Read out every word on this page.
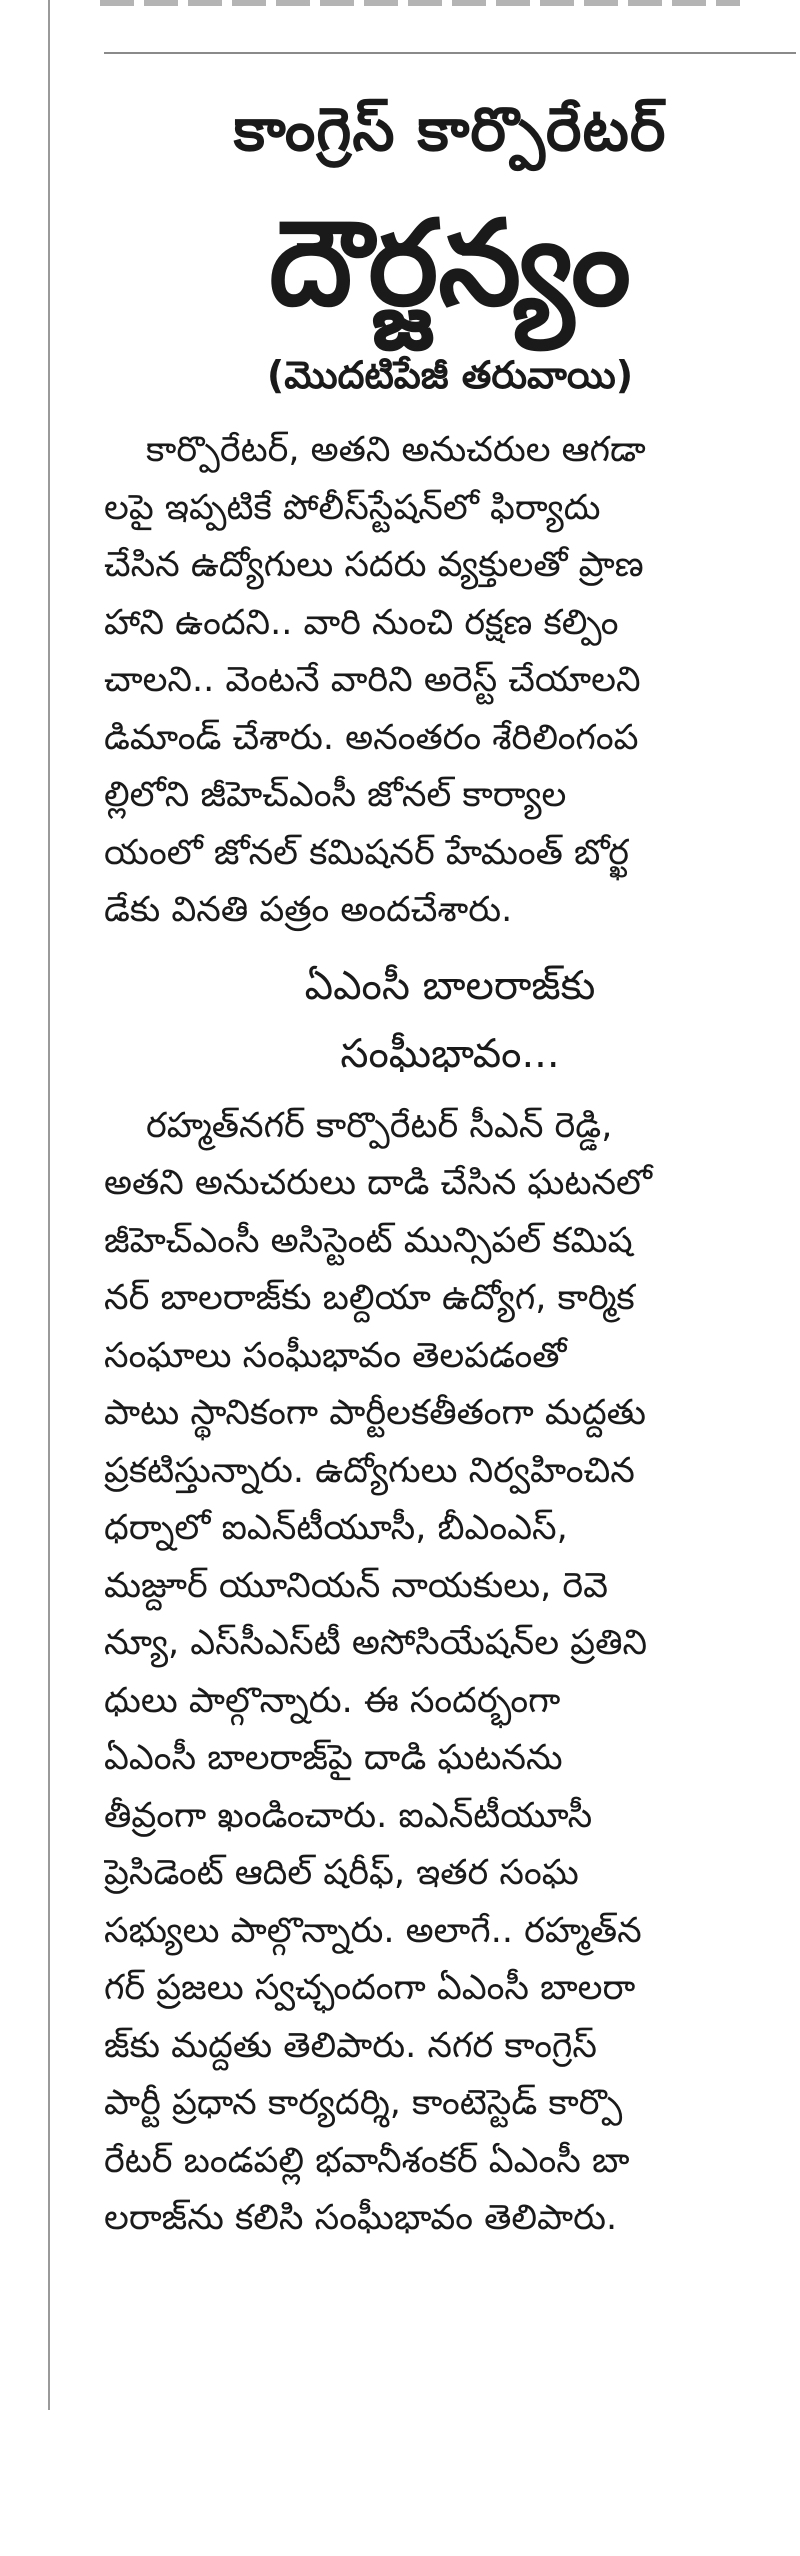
కాంగ్రెస్ కార్పొరేటర్
దౌర్జన్యం
(మొదటిపేజీ తరువాయి)
కార్పొరేటర్, అతని అనుచరుల ఆగడా
లపై ఇప్పటికే పోలీస్‌స్టేషన్‌లో ఫిర్యాదు
చేసిన ఉద్యోగులు సదరు వ్యక్తులతో ప్రాణ
హాని ఉందని.. వారి నుంచి రక్షణ కల్పిం
చాలని.. వెంటనే వారిని అరెస్ట్ చేయాలని
డిమాండ్ చేశారు. అనంతరం శేరిలింగంప
ల్లిలోని జీహెచ్ఎంసీ జోనల్ కార్యాల
యంలో జోనల్ కమిషనర్ హేమంత్ బోర్ఖ
డేకు వినతి పత్రం అందచేశారు.
ఏఎంసీ బాలరాజ్‌కు
సంఘీభావం...
రహ్మత్‌నగర్ కార్పొరేటర్ సీఎన్ రెడ్డి,
అతని అనుచరులు దాడి చేసిన ఘటనలో
జీహెచ్ఎంసీ అసిస్టెంట్ మున్సిపల్ కమిష
నర్ బాలరాజ్‌కు బల్దియా ఉద్యోగ, కార్మిక
సంఘాలు సంఘీభావం తెలపడంతో
పాటు స్థానికంగా పార్టీలకతీతంగా మద్దతు
ప్రకటిస్తున్నారు. ఉద్యోగులు నిర్వహించిన
ధర్నాలో ఐఎన్‌టీయూసీ, బీఎంఎస్,
మజ్దూర్ యూనియన్ నాయకులు, రెవె
న్యూ, ఎస్‌సీఎస్‌టీ అసోసియేషన్‌ల ప్రతిని
ధులు పాల్గొన్నారు. ఈ సందర్భంగా
ఏఎంసీ బాలరాజ్‌పై దాడి ఘటనను
తీవ్రంగా ఖండించారు. ఐఎన్‌టీయూసీ
ప్రెసిడెంట్ ఆదిల్ షరీఫ్, ఇతర సంఘ
సభ్యులు పాల్గొన్నారు. అలాగే.. రహ్మత్‌న
గర్ ప్రజలు స్వచ్ఛందంగా ఏఎంసీ బాలరా
జ్‌కు మద్దతు తెలిపారు. నగర కాంగ్రెస్
పార్టీ ప్రధాన కార్యదర్శి, కాంటెస్టెడ్ కార్పొ
రేటర్ బండపల్లి భవానీశంకర్ ఏఎంసీ బా
లరాజ్‌ను కలిసి సంఘీభావం తెలిపారు.
